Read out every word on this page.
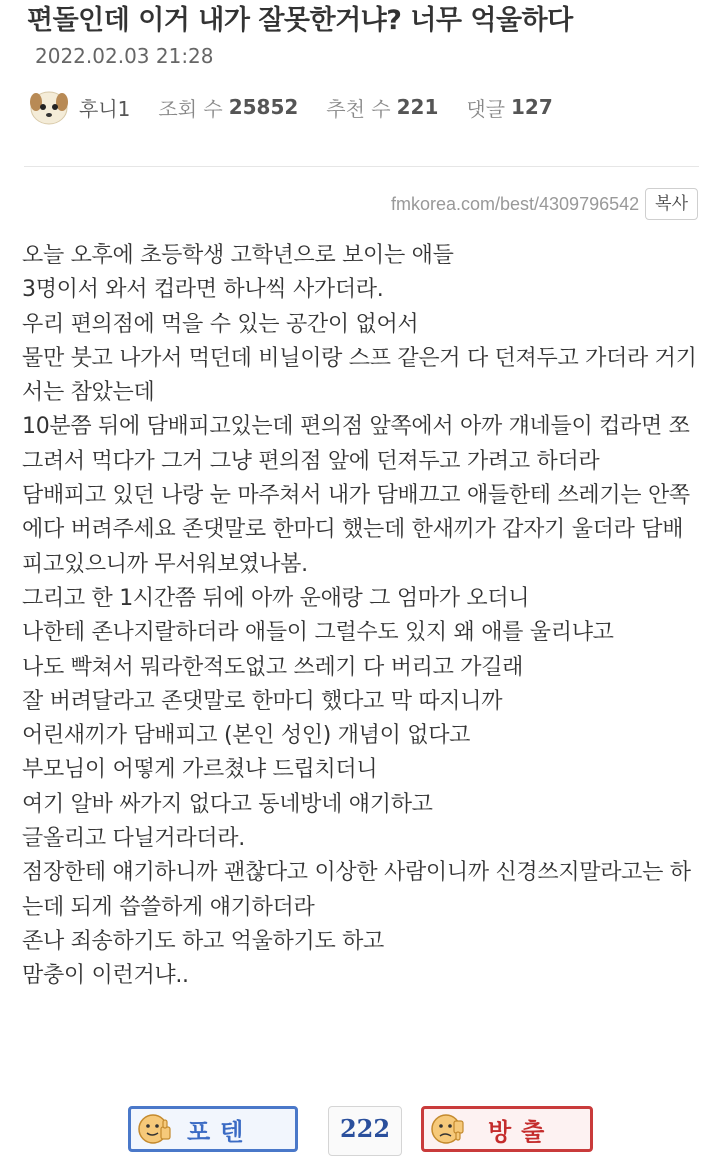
편돌인데 이거 내가 잘못한거냐? 너무 억울하다2022.02.03 21:28
후니1 조회 수 25852 추천 수 221 댓글 127
fmkorea.com/best/4309796542 복사

오늘 오후에 초등학생 고학년으로 보이는 애들

3명이서 와서 컵라면 하나씩 사가더라.

우리 편의점에 먹을 수 있는 공간이 없어서

물만 붓고 나가서 먹던데 비닐이랑 스프 같은거 다 던져두고 가더라 거기서는 참았는데

10분쯤 뒤에 담배피고있는데 편의점 앞쪽에서 아까 걔네들이 컵라면 쪼그려서 먹다가 그거 그냥 편의점 앞에 던져두고 가려고 하더라

담배피고 있던 나랑 눈 마주쳐서 내가 담배끄고 애들한테 쓰레기는 안쪽에다 버려주세요 존댓말로 한마디 했는데 한새끼가 갑자기 울더라 담배피고있으니까 무서워보였나봄.

그리고 한 1시간쯤 뒤에 아까 운애랑 그 엄마가 오더니

나한테 존나지랄하더라 애들이 그럴수도 있지 왜 애를 울리냐고

나도 빡쳐서 뭐라한적도없고 쓰레기 다 버리고 가길래

잘 버려달라고 존댓말로 한마디 했다고 막 따지니까

어린새끼가 담배피고 (본인 성인) 개념이 없다고

부모님이 어떻게 가르쳤냐 드립치더니

여기 알바 싸가지 없다고 동네방네 얘기하고

글올리고 다닐거라더라.

점장한테 얘기하니까 괜찮다고 이상한 사람이니까 신경쓰지말라고는 하는데 되게 씁쓸하게 얘기하더라

존나 죄송하기도 하고 억울하기도 하고

맘충이 이런거냐..

포텐	222	방출
